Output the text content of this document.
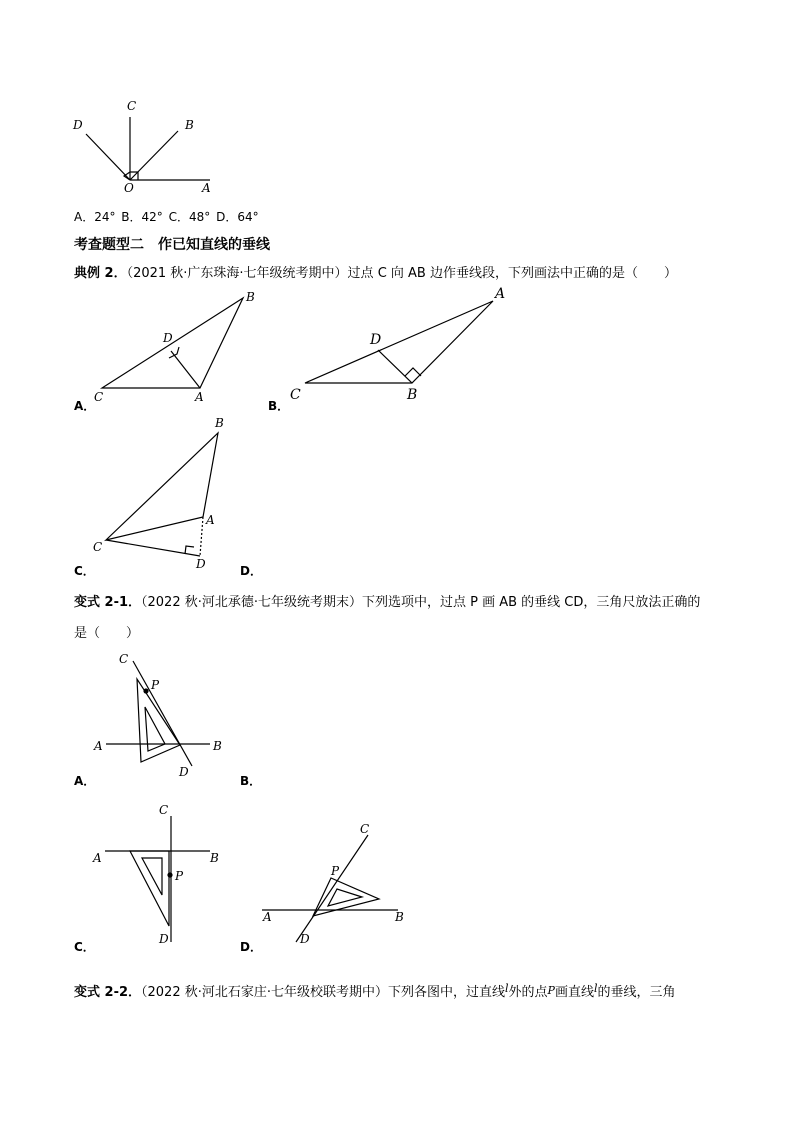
C
D	B
O	A
A．24° B．42° C．48° D．64°
考查题型二　作已知直线的垂线
典例 2．（2021 秋·广东珠海·七年级统考期中）过点 C 向 AB 边作垂线段，下列画法中正确的是（　　）
B
D
C	A
A
D
C	B
B
A
C
D
A．	B．
C．	D．
变式 2-1．（2022 秋·河北承德·七年级统考期末）下列选项中，过点 P 画 AB 的垂线 CD，三角尺放法正确的
是（　　）
C
P
A	B
D
C
A	B
P
D
C
P
A	B
D
A．	B．
C．	D．
变式 2-2．（2022 秋·河北石家庄·七年级校联考期中）下列各图中，过直线$^l$外的点P画直线$^l$的垂线，三角
